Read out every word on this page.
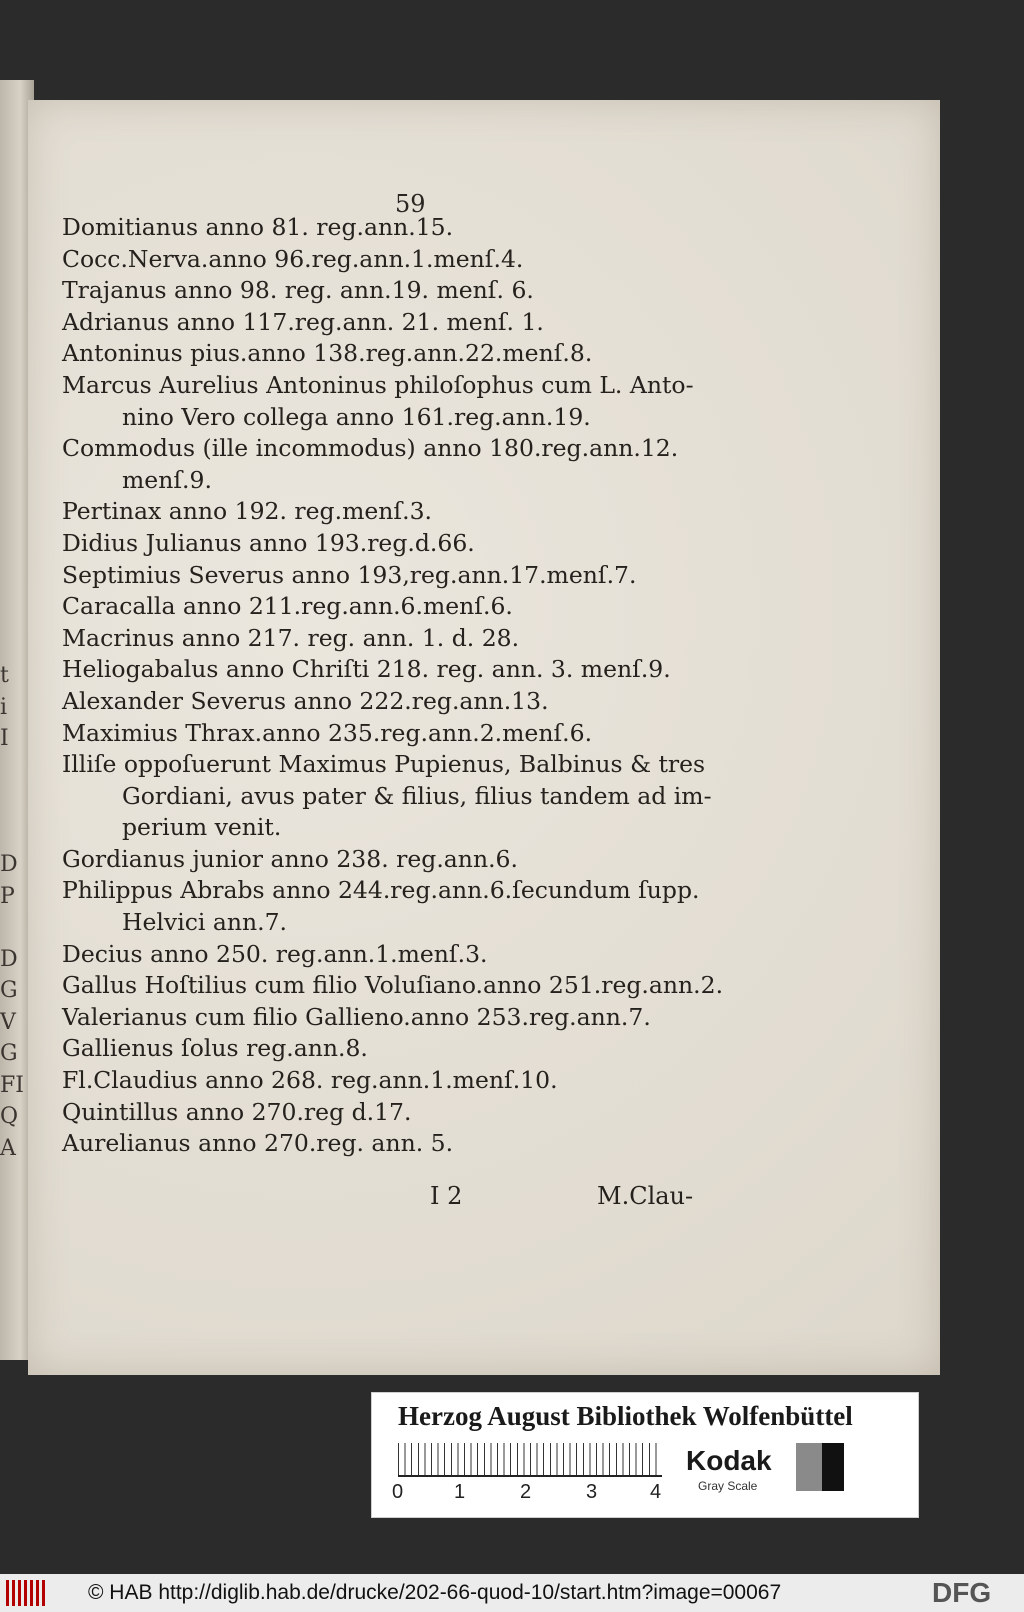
t
i
I

D
P

D
G
V
G
FI
Q
A
59
Domitianus anno 81. reg.ann.15.
Cocc.Nerva.anno 96.reg.ann.1.menſ.4.
Trajanus anno 98. reg. ann.19. menſ. 6.
Adrianus anno 117.reg.ann. 21. menſ. 1.
Antoninus pius.anno 138.reg.ann.22.menſ.8.
Marcus Aurelius Antoninus philoſophus cum L. Anto-
nino Vero collega anno 161.reg.ann.19.
Commodus (ille incommodus) anno 180.reg.ann.12.
menſ.9.
Pertinax anno 192. reg.menſ.3.
Didius Julianus anno 193.reg.d.66.
Septimius Severus anno 193,reg.ann.17.menſ.7.
Caracalla anno 211.reg.ann.6.menſ.6.
Macrinus anno 217. reg. ann. 1. d. 28.
Heliogabalus anno Chriſti 218. reg. ann. 3. menſ.9.
Alexander Severus anno 222.reg.ann.13.
Maximius Thrax.anno 235.reg.ann.2.menſ.6.
Illiſe oppoſuerunt Maximus Pupienus, Balbinus & tres
Gordiani, avus pater & filius, filius tandem ad im-
perium venit.
Gordianus junior anno 238. reg.ann.6.
Philippus Abrabs anno 244.reg.ann.6.ſecundum ſupp.
Helvici ann.7.
Decius anno 250. reg.ann.1.menſ.3.
Gallus Hoſtilius cum filio Voluſiano.anno 251.reg.ann.2.
Valerianus cum filio Gallieno.anno 253.reg.ann.7.
Gallienus ſolus reg.ann.8.
Fl.Claudius anno 268. reg.ann.1.menſ.10.
Quintillus anno 270.reg d.17.
Aurelianus anno 270.reg. ann. 5.
I 2	M.Clau-
Herzog August Bibliothek Wolfenbüttel
0	1	2	3	4
Kodak
Gray Scale
© HAB http://diglib.hab.de/drucke/202-66-quod-10/start.htm?image=00067	DFG
